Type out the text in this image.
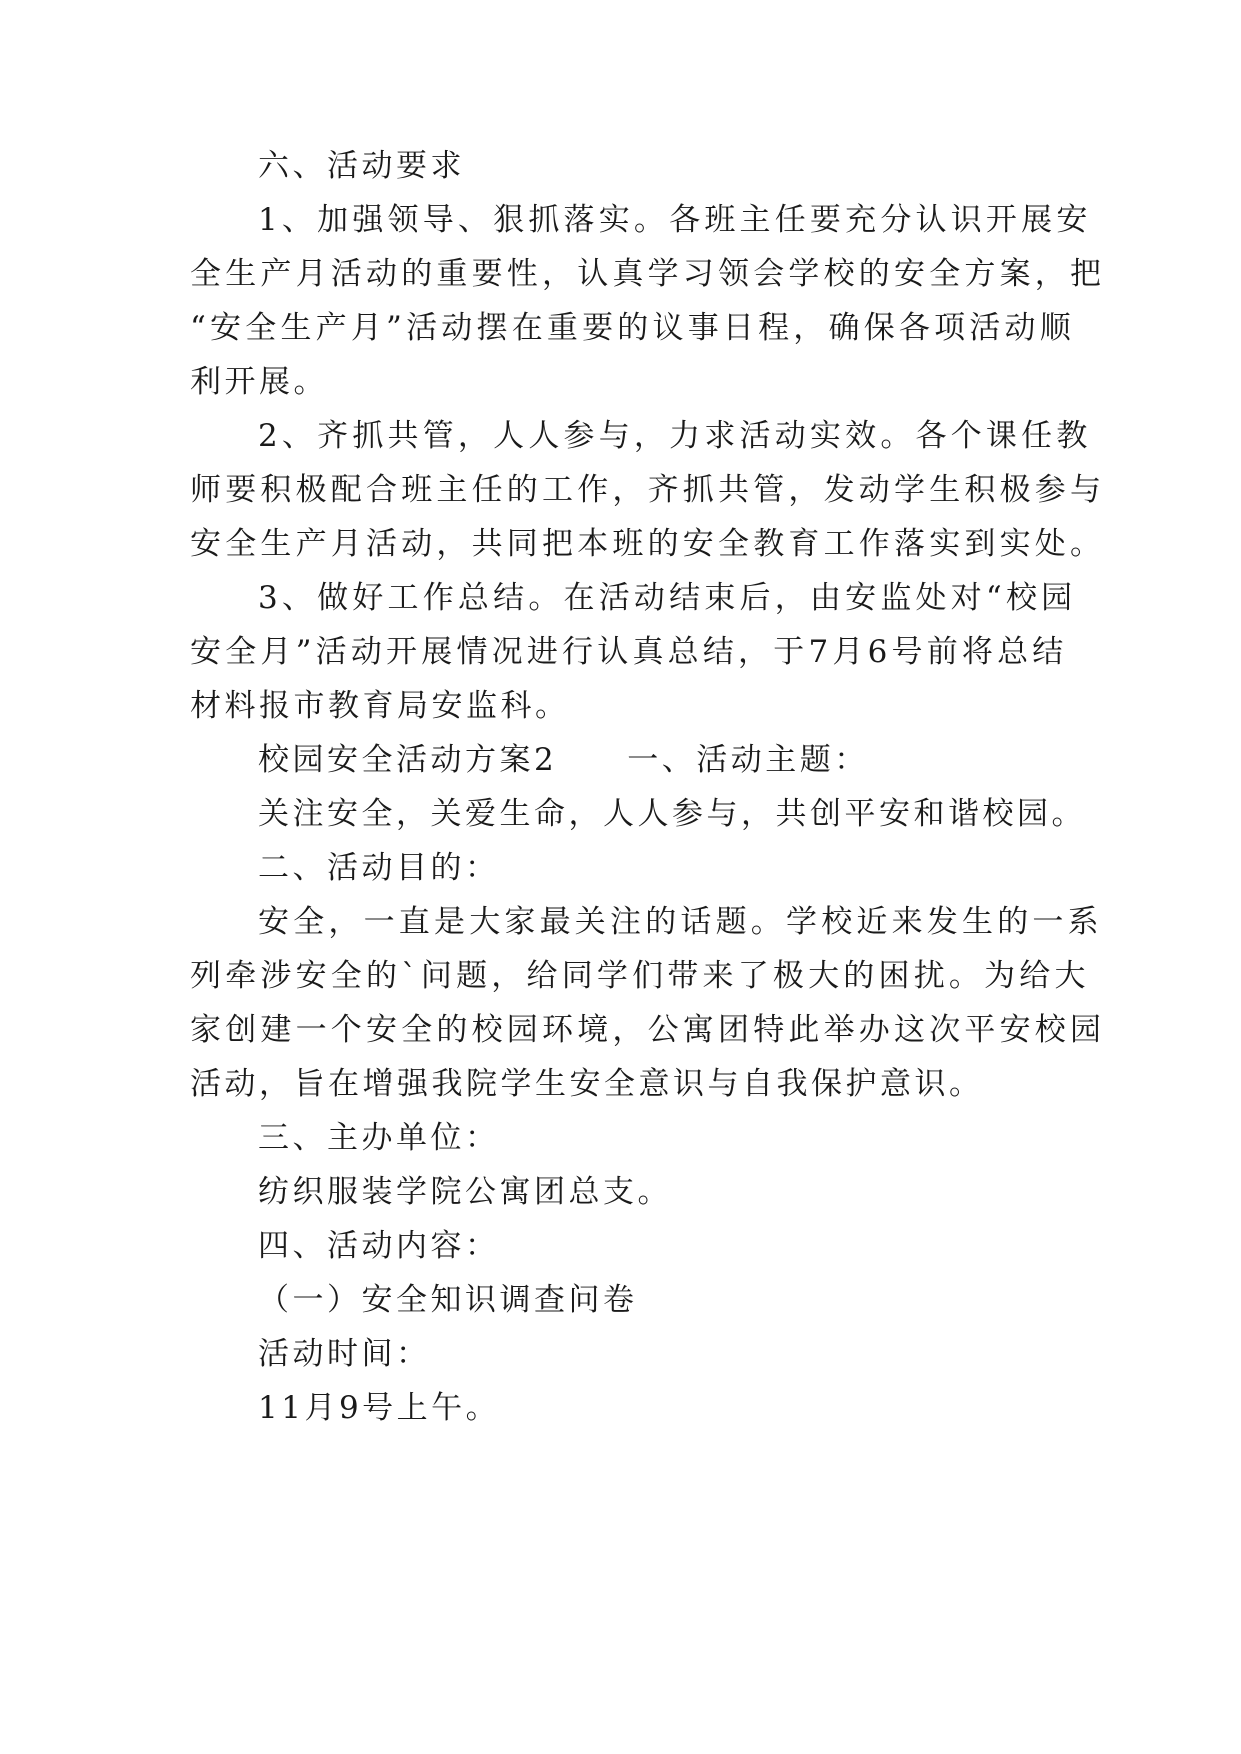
六、活动要求
1、加强领导、狠抓落实。各班主任要充分认识开展安
全生产月活动的重要性，认真学习领会学校的安全方案，把
“安全生产月”活动摆在重要的议事日程，确保各项活动顺
利开展。
2、齐抓共管，人人参与，力求活动实效。各个课任教
师要积极配合班主任的工作，齐抓共管，发动学生积极参与
安全生产月活动，共同把本班的安全教育工作落实到实处。
3、做好工作总结。在活动结束后，由安监处对“校园
安全月”活动开展情况进行认真总结，于7月6号前将总结
材料报市教育局安监科。
校园安全活动方案2 一、活动主题：
关注安全，关爱生命，人人参与，共创平安和谐校园。
二、活动目的：
安全，一直是大家最关注的话题。学校近来发生的一系
列牵涉安全的`问题，给同学们带来了极大的困扰。为给大
家创建一个安全的校园环境，公寓团特此举办这次平安校园
活动，旨在增强我院学生安全意识与自我保护意识。
三、主办单位：
纺织服装学院公寓团总支。
四、活动内容：
（一）安全知识调查问卷
活动时间：
11月9号上午。
